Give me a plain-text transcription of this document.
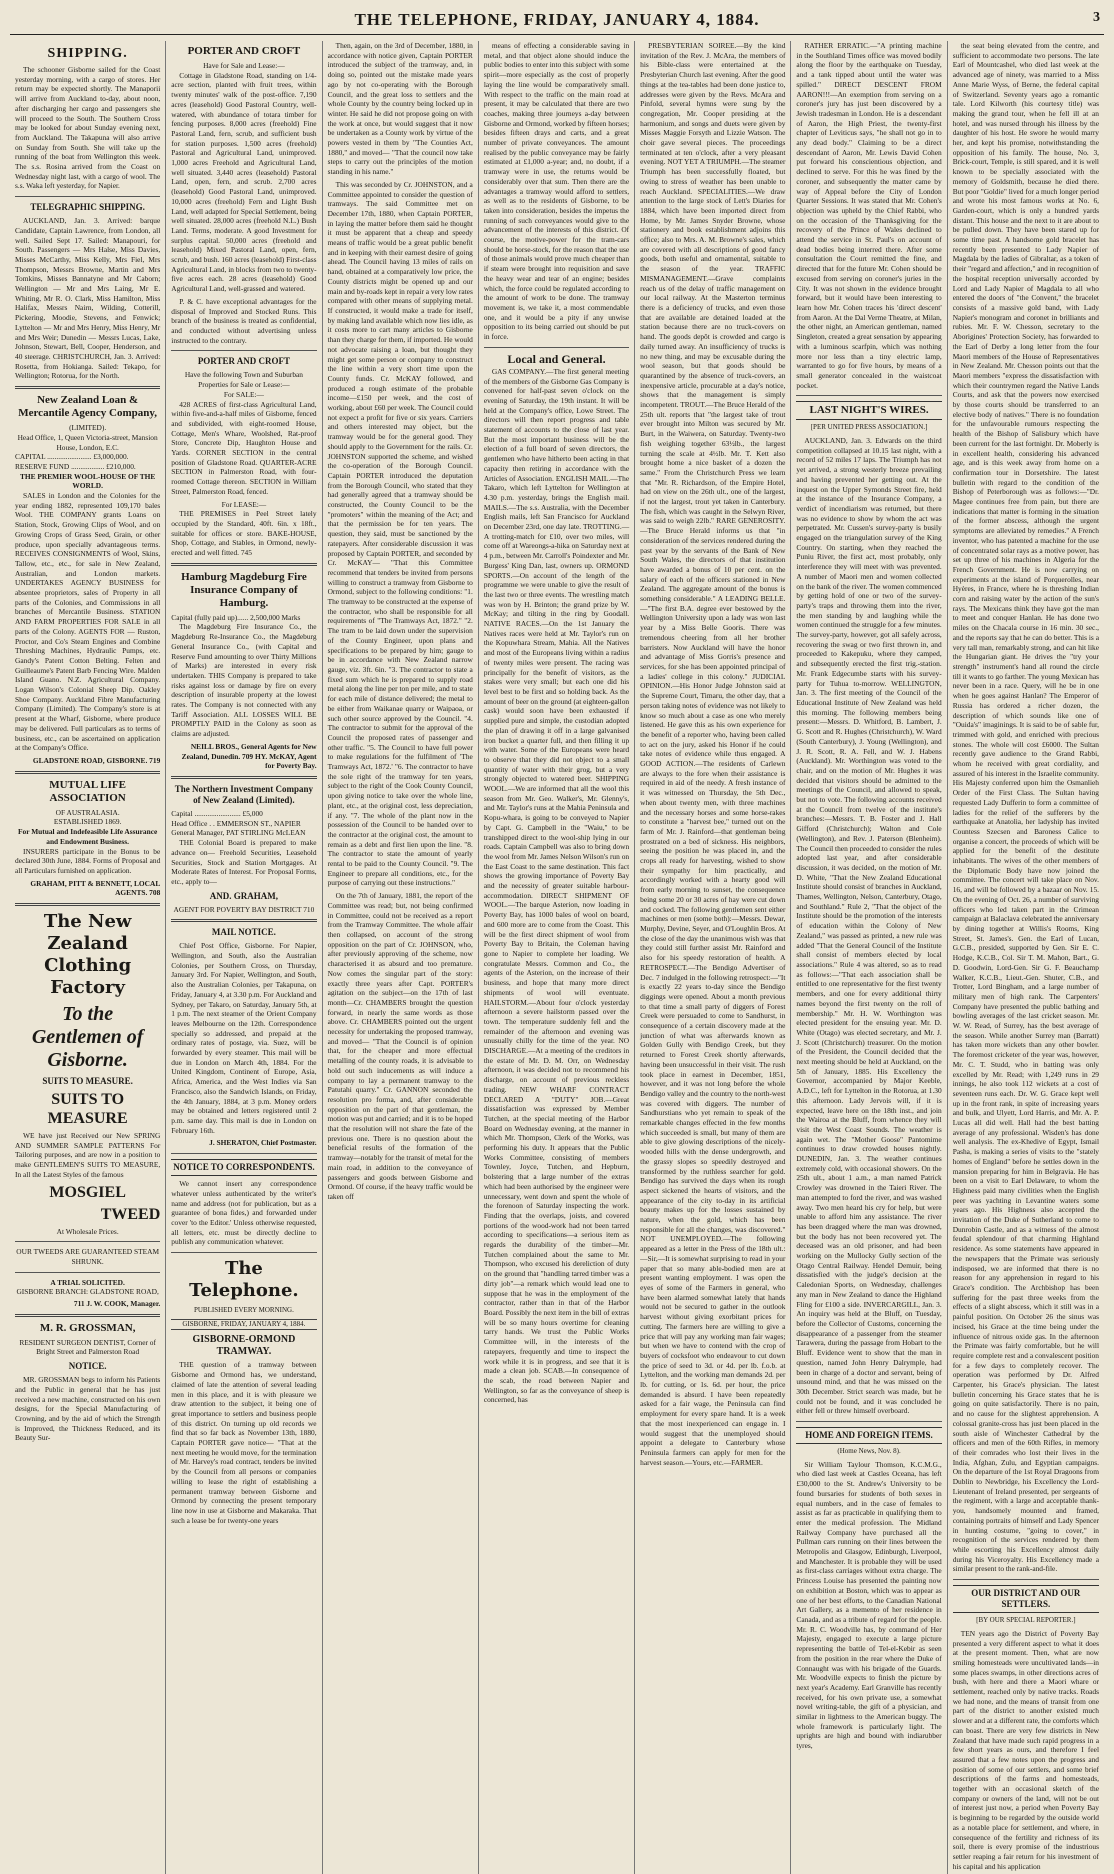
THE TELEPHONE, FRIDAY, JANUARY 4, 1884.	3
SHIPPING.

The schooner Gisborne sailed for the Coast yesterday morning, with a cargo of stores. Her return may be expected shortly. The Manaporii will arrive from Auckland to-day, about noon, after discharging her cargo and passengers she will proceed to the South. The Southern Cross may be looked for about Sunday evening next, from Auckland. The Takapuna will also arrive on Sunday from South. She will take up the running of the boat from Wellington this week. The s.s. Rosina arrived from the Coast on Wednesday night last, with a cargo of wool. The s.s. Waka left yesterday, for Napier.

TELEGRAPHIC SHIPPING.

AUCKLAND, Jan. 3. Arrived: barque Candidate, Captain Lawrence, from London, all well. Sailed Sept 17. Sailed: Manapouri, for South. Passengers — Mrs Halse, Miss Davies, Misses McCarthy, Miss Kelly, Mrs Fiel, Mrs Thompson, Messrs Browne, Martin and Mrs Tomkins, Misses Bannatyne and Mr Caborn; Wellington — Mr and Mrs Laing, Mr E. Whiting, Mr R. O. Clark, Miss Hamilton, Miss Halifax, Messrs Nairn, Wilding, Cotterill, Pickering, Moodie, Stevens, and Fenwick; Lyttelton — Mr and Mrs Henry, Miss Henry, Mr and Mrs Weir; Dunedin — Messrs Lucas, Lake, Johnson, Stewart, Bell, Cooper, Henderson, and 40 steerage. CHRISTCHURCH, Jan. 3. Arrived: Rosetta, from Hokianga. Sailed: Tekapo, for Wellington; Rotorua, for the North.

New Zealand Loan & Mercantile Agency Company,
(LIMITED).
Head Office, 1, Queen Victoria-street, Mansion House, London, E.C.
CAPITAL ........................ £3,000,000.
RESERVE FUND .................. £210,000.
THE PREMIER WOOL-HOUSE OF THE WORLD.

SALES in London and the Colonies for the year ending 1882, represented 109,170 bales Wool. THE COMPANY grants Loans on Station, Stock, Growing Clips of Wool, and on Growing Crops of Grass Seed, Grain, or other produce, upon specially advantageous terms. RECEIVES CONSIGNMENTS of Wool, Skins, Tallow, etc., etc., for sale in New Zealand, Australian, and London markets. UNDERTAKES AGENCY BUSINESS for absentee proprietors, sales of Property in all parts of the Colonies, and Commissions in all branches of Mercantile Business. STATION AND FARM PROPERTIES FOR SALE in all parts of the Colony. AGENTS FOR — Ruston, Proctor, and Co's Steam Engines and Combine Threshing Machines, Hydraulic Pumps, etc. Gandy's Patent Cotton Belting. Felten and Guilleaume's Patent Barb Fencing Wire. Malden Island Guano. N.Z. Agricultural Company. Logan Wilson's Colonial Sheep Dip. Oakley Shoe Company. Auckland Fibre Manufacturing Company (Limited). The Company's store is at present at the Wharf, Gisborne, where produce may be delivered. Full particulars as to terms of business, etc., can be ascertained on application at the Company's Office.

GLADSTONE ROAD, GISBORNE. 719
MUTUAL LIFE ASSOCIATION
OF AUSTRALASIA.
ESTABLISHED 1869.
For Mutual and Indefeasible Life Assurance and Endowment Business.

INSURERS participate in the Bonus to be declared 30th June, 1884. Forms of Proposal and all Particulars furnished on application.

GRAHAM, PITT & BENNETT, LOCAL AGENTS. 708
The New Zealand Clothing Factory
To the Gentlemen of Gisborne.
SUITS TO MEASURE.
SUITS TO MEASURE

WE have just Received our New SPRING AND SUMMER SAMPLE PATTERNS For Tailoring purposes, and are now in a position to make GENTLEMEN'S SUITS TO MEASURE, In all the Latest Styles of the famous

MOSGIEL
TWEED
At Wholesale Prices.
OUR TWEEDS ARE GUARANTEED STEAM SHRUNK.
A TRIAL SOLICITED.
GISBORNE BRANCH: GLADSTONE ROAD,
711 J. W. COOK, Manager.
M. R. GROSSMAN,
RESIDENT SURGEON DENTIST, Corner of Bright Street and Palmerston Road
NOTICE.

MR. GROSSMAN begs to inform his Patients and the Public in general that he has just received a new machine, constructed on his own designs, for the Special Manufacturing of Crowning, and by the aid of which the Strength is Improved, the Thickness Reduced, and its Beauty Sur-

PORTER AND CROFT
Have for Sale and Lease:—

Cottage in Gladstone Road, standing on 1/4-acre section, planted with fruit trees, within twenty minutes' walk of the post-office. 7,190 acres (leasehold) Good Pastoral Country, well-watered, with abundance of totara timber for fencing purposes. 8,000 acres (freehold) Fine Pastoral Land, fern, scrub, and sufficient bush for station purposes. 1,500 acres (freehold) Pastoral and Agricultural Land, unimproved. 1,000 acres Freehold and Agricultural Land, well situated. 3,440 acres (leasehold) Pastoral Land, open, fern, and scrub. 2,700 acres (leasehold) Good Pastoral Land, unimproved. 10,000 acres (freehold) Fern and Light Bush Land, well adapted for Special Settlement, being well situated. 28,000 acres (freehold N.L.) Bush Land. Terms, moderate. A good Investment for surplus capital. 50,000 acres (freehold and leasehold) Mixed Pastoral Land, open, fern, scrub, and bush. 160 acres (leasehold) First-class Agricultural Land, in blocks from two to twenty-five acres each. 28 acres (leasehold) Good Agricultural Land, well-grassed and watered.

P. & C. have exceptional advantages for the disposal of Improved and Stocked Runs. This branch of the business is treated as confidential, and conducted without advertising unless instructed to the contrary.

PORTER AND CROFT
Have the following Town and Suburban Properties for Sale or Lease:—
For SALE:—

428 ACRES of first-class Agricultural Land, within five-and-a-half miles of Gisborne, fenced and subdivided, with eight-roomed House, Cottage, Men's Whare, Woolshed, Rat-proof Store, Concrete Dip, Haughton House and Yards. CORNER SECTION in the central position of Gladstone Road. QUARTER-ACRE SECTION in Palmerston Road, with four-roomed Cottage thereon. SECTION in William Street, Palmerston Road, fenced.

For LEASE:—

THE PREMISES in Peel Street lately occupied by the Standard, 40ft. 6in. x 18ft., suitable for offices or store. BAKE-HOUSE, Shop, Cottage, and Stables, in Ormond, newly-erected and well fitted. 745

Hamburg Magdeburg Fire Insurance Company of Hamburg.
Capital (fully paid up)...... 2,500,000 Marks

The Magdeburg Fire Insurance Co., the Magdeburg Re-Insurance Co., the Magdeburg General Insurance Co., (with Capital and Reserve Fund amounting to over Thirty Millions of Marks) are interested in every risk undertaken. THIS Company is prepared to take risks against loss or damage by fire on every description of insurable property at the lowest rates. The Company is not connected with any Tariff Association. ALL LOSSES WILL BE PROMPTLY PAID in the Colony as soon as claims are adjusted.

NEILL BROS., General Agents for New Zealand, Dunedin. 709 HY. McKAY, Agent for Poverty Bay.
The Northern Investment Company of New Zealand (Limited).
Capital ......................... £5,000
Head Office . . EMMERSON ST., NAPIER
General Manager, PAT STIRLING McLEAN

THE Colonial Board is prepared to make advance on— Freehold Securities, Leasehold Securities, Stock and Station Mortgages. At Moderate Rates of Interest. For Proposal Forms, etc., apply to—

AND. GRAHAM,
AGENT FOR POVERTY BAY DISTRICT 710
MAIL NOTICE.

Chief Post Office, Gisborne. For Napier, Wellington, and South, also the Australian Colonies, per Southern Cross, on Thursday, January 3rd. For Napier, Wellington, and South, also the Australian Colonies, per Takapuna, on Friday, January 4, at 3.30 p.m. For Auckland and Sydney, per Takaro, on Saturday, January 5th, at 1 p.m. The next steamer of the Orient Company leaves Melbourne on the 12th. Correspondence specially so addressed, and prepaid at the ordinary rates of postage, via. Suez, will be forwarded by every steamer. This mail will be due in London on March 4th, 1884. For the United Kingdom, Continent of Europe, Asia, Africa, America, and the West Indies via San Francisco, also the Sandwich Islands, on Friday, the 4th January, 1884, at 3 p.m. Money orders may be obtained and letters registered until 2 p.m. same day. This mail is due in London on February 16th.

J. SHERATON, Chief Postmaster.
NOTICE TO CORRESPONDENTS.

We cannot insert any correspondence whatever unless authenticated by the writer's name and address (not for publication, but as a guarantee of bona fides,) and forwarded under cover 'to the Editor.' Unless otherwise requested, all letters, etc. must be directly decline to publish any communication whatever.

The Telephone.
PUBLISHED EVERY MORNING.
GISBORNE, FRIDAY, JANUARY 4, 1884.
GISBORNE-ORMOND TRAMWAY.

THE question of a tramway between Gisborne and Ormond has, we understand, claimed of late the attention of several leading men in this place, and it is with pleasure we draw attention to the subject, it being one of great importance to settlers and business people of this district. On turning up old records we find that so far back as November 13th, 1880, Captain PORTER gave notice— "That at the next meeting he would move, for the termination of Mr. Harvey's road contract, tenders be invited by the Council from all persons or companies willing to lease the right of establishing a permanent tramway between Gisborne and Ormond by connecting the present temporary line now in use at Gisborne and Makaraka. That such a lease be for twenty-one years

Then, again, on the 3rd of December, 1880, in accordance with notice given, Captain PORTER introduced the subject of the tramway, and, in doing so, pointed out the mistake made years ago by not co-operating with the Borough Council, and the great loss to settlers and the whole County by the country being locked up in winter. He said he did not propose going on with the work at once, but would suggest that it now be undertaken as a County work by virtue of the powers vested in them by "The Counties Act, 1880," and moved— "That the council now take steps to carry out the principles of the motion standing in his name."

This was seconded by Cr. JOHNSTON, and a Committee appointed to consider the question of tramways. The said Committee met on December 17th, 1880, when Captain PORTER, in laying the matter before them said he thought it must be apparent that a cheap and speedy means of traffic would be a great public benefit and in keeping with their earnest desire of going ahead. The Council having 13 miles of rails on hand, obtained at a comparatively low price, the County districts might be opened up and our main and by-roads kept in repair a very low rates compared with other means of supplying metal. If constructed, it would make a trade for itself, by making land available which now lies idle, as it costs more to cart many articles to Gisborne than they charge for them, if imported. He would not advocate raising a loan, but thought they might get some person or company to construct the line within a very short time upon the County funds. Cr. McKAY followed, and produced a rough estimate of the probable income—£150 per week, and the cost of working, about £60 per week. The Council could not expect a profit for five or six years. Carriers and others interested may object, but the tramway would be for the general good. They should apply to the Government for the rails. Cr. JOHNSTON supported the scheme, and wished the co-operation of the Borough Council. Captain PORTER introduced the deputation from the Borough Council, who stated that they had generally agreed that a tramway should be constructed, the County Council to be the "promoters" within the meaning of the Act; and that the permission be for ten years. The question, they said, must be sanctioned by the ratepayers. After considerable discussion it was proposed by Captain PORTER, and seconded by Cr. McKAY— "That this Committee recommend that tenders be invited from persons willing to construct a tramway from Gisborne to Ormond, subject to the following conditions: "1. The tramway to be constructed at the expense of the contractor, who shall be responsible for all requirements of "The Tramways Act, 1872." "2. The tram to be laid down under the supervision of the County Engineer, upon plans and specifications to be prepared by him; gauge to be in accordance with New Zealand narrow gauge, viz. 3ft. 6in. "3. The contractor to state a fixed sum which he is prepared to supply road metal along the line per ton per mile, and to state for each mile of distance delivered; the metal to be either from Waikanae quarry or Waipaoa, or such other source approved by the Council. "4. The contractor to submit for the approval of the Council the proposed rates of passenger and other traffic. "5. The Council to have full power to make regulations for the fulfilment of 'The Tramways Act, 1872.' "6. The contractor to have the sole right of the tramway for ten years, subject to the right of the Cook County Council, upon giving notice to take over the whole line, plant, etc., at the original cost, less depreciation, if any. "7. The whole of the plant now in the possession of the Council to be handed over to the contractor at the original cost, the amount to remain as a debt and first lien upon the line. "8. The contractor to state the amount of yearly rental to be paid to the County Council. "9. The Engineer to prepare all conditions, etc., for the purpose of carrying out these instructions."

On the 7th of January, 1881, the report of the Committee was read; but, not being confirmed in Committee, could not be received as a report from the Tramway Committee. The whole affair then collapsed, on account of the strong opposition on the part of Cr. JOHNSON, who, after previously approving of the scheme, now characterised it as absurd and too premature. Now comes the singular part of the story: exactly three years after Capt. PORTER's agitation on the subject—on the 17th of last month—Cr. CHAMBERS brought the question forward, in nearly the same words as those above. Cr. CHAMBERS pointed out the urgent necessity for undertaking the proposed tramway, and moved— "That the Council is of opinion that, for the cheaper and more effectual metalling of the county roads, it is advisable to hold out such inducements as will induce a company to lay a permanent tramway to the Patutahi quarry." Cr. GANNON seconded the resolution pro forma, and, after considerable opposition on the part of that gentleman, the motion was put and carried; and it is to be hoped that the resolution will not share the fate of the previous one. There is no question about the beneficial results of the formation of the tramway—notably for the transit of metal for the main road, in addition to the conveyance of passengers and goods between Gisborne and Ormond. Of course, if the heavy traffic would be taken off

means of effecting a considerable saving in metal, and that object alone should induce the public bodies to enter into this subject with some spirit—more especially as the cost of properly laying the line would be comparatively small. With respect to the traffic on the main road at present, it may be calculated that there are two coaches, making three journeys a-day between Gisborne and Ormond, worked by fifteen horses; besides fifteen drays and carts, and a great number of private conveyances. The amount realised by the public conveyance may be fairly estimated at £1,000 a-year; and, no doubt, if a tramway were in use, the returns would be considerably over that sum. Then there are the advantages a tramway would afford to settlers, as well as to the residents of Gisborne, to be taken into consideration, besides the impetus the running of such conveyances would give to the advancement of the interests of this district. Of course, the motive-power for the tram-cars should be horse-stock, for the reason that the use of those animals would prove much cheaper than if steam were brought into requisition and save the heavy wear and tear of an engine; besides which, the force could be regulated according to the amount of work to be done. The tramway movement is, we take it, a most commendable one, and it would be a pity if any unwise opposition to its being carried out should be put in force.

Local and General.

GAS COMPANY.—The first general meeting of the members of the Gisborne Gas Company is convened for half-past seven o'clock on the evening of Saturday, the 19th instant. It will be held at the Company's office, Lowe Street. The directors will then report progress and table statement of accounts to the close of last year. But the most important business will be the election of a full board of seven directors, the gentlemen who have hitherto been acting in that capacity then retiring in accordance with the Articles of Association. ENGLISH MAIL.—The Takaro, which left Lyttelton for Wellington at 4.30 p.m. yesterday, brings the English mail. MAILS.—The s.s. Australia, with the December English mails, left San Francisco for Auckland on December 23rd, one day late. TROTTING.—A trotting-match for £10, over two miles, will come off at Wareongs-a-hika on Saturday next at 4 p.m., between Mr. Carroll's Poindexter and Mr. Burgess' King Dan, last, owners up. ORMOND SPORTS.—On account of the length of the programme we were unable to give the result of the last two or three events. The wrestling match was won by H. Brinton; the grand prize by W. McKay; and tilting in the ring by Goodall. NATIVE RACES.—On the 1st January the Natives races were held at Mr. Taylor's run on the Kopuwhara Stream, Mahia. All the Natives and most of the Europeans living within a radius of twenty miles were present. The racing was principally for the benefit of visitors, as the stakes were very small; but each one did his level best to be first and so holding back. As the amount of beer on the ground (at eighteen-gallon cask) would soon have been exhausted if supplied pure and simple, the custodian adopted the plan of drawing it off in a large galvanised iron bucket a quarter full, and then filling it up with water. Some of the Europeans were heard to observe that they did not object to a small quantity of water with their grog, but a very strongly objected to watered beer. SHIPPING WOOL.—We are informed that all the wool this season from Mr. Geo. Walker's, Mr. Glenny's, and Mr. Taylor's runs at the Mahia Peninsula and Kopu-whara, is going to be conveyed to Napier by Capt. G. Campbell in the "Waiu," to be transhipped direct to the wool-ship lying in our roads. Captain Campbell was also to bring down the wool from Mr. James Nelson Wilson's run on the East Coast to the same destination. This fact shows the growing importance of Poverty Bay and the necessity of greater suitable harbour-accommodation. DIRECT SHIPMENT OF WOOL.—The barque Asterion, now loading in Poverty Bay, has 1000 bales of wool on board, and 600 more are to come from the Coast. This will be the first direct shipment of wool from Poverty Bay to Britain, the Coleman having gone to Napier to complete her loading. We congratulate Messrs. Common and Co., the agents of the Asterion, on the increase of their business, and hope that many more direct shipments of wool will eventuate. HAILSTORM.—About four o'clock yesterday afternoon a severe hailstorm passed over the town. The temperature suddenly fell and the remainder of the afternoon and evening was unusually chilly for the time of the year. NO DISCHARGE.—At a meeting of the creditors in the estate of Mr. D. M. Orr, on Wednesday afternoon, it was decided not to recommend his discharge, on account of previous reckless trading. NEW WHARF CONTRACT DECLARED A "DUTY" JOB.—Great dissatisfaction was expressed by Member Tutchen, at the special meeting of the Harbor Board on Wednesday evening, at the manner in which Mr. Thompson, Clerk of the Works, was performing his duty. It appears that the Public Works Committee, consisting of members Townley, Joyce, Tutchen, and Hepburn, bolstering that a large number of the extras which had been authorised by the engineer were unnecessary, went down and spent the whole of the forenoon of Saturday inspecting the work. Finding that the overlaps, joists, and covered portions of the wood-work had not been tarred according to specifications—a serious item as regards the durability of the timber—Mr. Tutchen complained about the same to Mr. Thompson, who excused his dereliction of duty on the ground that "handling tarred timber was a dirty job"—a remark which would lead one to suppose that he was in the employment of the contractor, rather than in that of the Harbor Board. Possibly the next item in the bill of extras will be so many hours overtime for cleaning tarry hands. We trust the Public Works Committee will, in the interests of the ratepayers, frequently and time to inspect the work while it is in progress, and see that it is made a clean job. SCAB.—In consequence of the scab, the road between Napier and Wellington, so far as the conveyance of sheep is concerned, has

PRESBYTERIAN SOIREE.—By the kind invitation of the Rev. J. McAra, the members of his Bible-class were entertained at the Presbyterian Church last evening. After the good things at the tea-tables had been done justice to, addresses were given by the Revs. McAra and Pinfold, several hymns were sung by the congregation, Mr. Cooper presiding at the harmonium, and songs and duets were given by Misses Maggie Forsyth and Lizzie Watson. The choir gave several pieces. The proceedings terminated at ten o'clock, after a very pleasant evening. NOT YET A TRIUMPH.—The steamer Triumph has been successfully floated, but owing to stress of weather has been unable to reach Auckland. SPECIALITIES.—We draw attention to the large stock of Lett's Diaries for 1884, which have been imported direct from Home, by Mr. James Snyder Browne, whose stationery and book establishment adjoins this office; also to Mrs. A. M. Browne's sales, which are covered with all descriptions of good fancy goods, both useful and ornamental, suitable to the season of the year. TRAFFIC MISMANAGEMENT.—Grave complaints reach us of the delay of traffic management on our local railway. At the Masterton terminus there is a deficiency of trucks, and even those that are available are detained loaded at the station because there are no truck-covers on hand. The goods depôt is crowded and cargo is daily turned away. An insufficiency of trucks is no new thing, and may be excusable during the wool season, but that goods should be quarantined by the absence of truck-covers, an inexpensive article, procurable at a day's notice, shows that the management is simply incompetent. TROUT.—The Bruce Herald of the 25th ult. reports that "the largest take of trout ever brought into Milton was secured by Mr. Burt, in the Waiwera, on Saturday. Twenty-two fish weighing together 63½lb., the largest turning the scale at 4½lb. Mr. T. Kett also brought home a nice basket of a dozen the same." From the Christchurch Press we learn that "Mr. R. Richardson, of the Empire Hotel, had on view on the 26th ult., one of the largest, if not the largest, trout yet taken in Canterbury. The fish, which was caught in the Selwyn River, was said to weigh 22lb." RARE GENEROSITY.—The Bruce Herald informs us that "in consideration of the services rendered during the past year by the servants of the Bank of New South Wales, the directors of that institution have awarded a bonus of 10 per cent. on the salary of each of the officers stationed in New Zealand. The aggregate amount of the bonus is something considerable." A LEADING BELLE.—"The first B.A. degree ever bestowed by the Wellington University upon a lady was won last year by a Miss Belle Gooris. There was tremendous cheering from all her brother barristers. Now Auckland will have the honor and advantage of Miss Gorris's presence and services, for she has been appointed principal of a ladies' college in this colony." JUDICIAL OPINION.—His Honor Judge Johnston said at the Supreme Court, Timaru, the other day, that a person taking notes of evidence was not likely to know so much about a case as one who merely listened. He gave this as his own experience for the benefit of a reporter who, having been called to act on the jury, asked his Honor if he could take notes of evidence while thus engaged. A GOOD ACTION.—The residents of Carlewn are always to the fore when their assistance is required in aid of the needy. A fresh instance of it was witnessed on Thursday, the 5th Dec., when about twenty men, with three machines and the necessary horses and some horse-rakes to constitute a "harvest bee," turned out on the farm of Mr. J. Rainford—that gentleman being prostrated on a bed of sickness. His neighbors, seeing the position he was placed in, and the crops all ready for harvesting, wished to show their sympathy for him practically, and accordingly worked with a hearty good will from early morning to sunset, the consequence being some 20 or 30 acres of hay were cut down and cocked. The following gentlemen sent either machines or men (some both):—Messrs. Dewar, Murphy, Devine, Seyer, and O'Loughlin Bros. At the close of the day the unanimous wish was that they could still further assist Mr. Rainford and also for his speedy restoration of health. A RETROSPECT.—The Bendigo Advertiser of Dec. 7 indulged in the following retrospect:—"It is exactly 22 years to-day since the Bendigo diggings were opened. About a month previous to that time a small party of diggers of Forest Creek were persuaded to come to Sandhurst, in consequence of a certain discovery made at the junction of what was afterwards known as Golden Gully with Bendigo Creek, but they returned to Forest Creek shortly afterwards, having been unsuccessful in their visit. The rush took place in earnest in December, 1851, however, and it was not long before the whole Bendigo valley and the country to the north-west was covered with diggers. The number of Sandhurstians who yet remain to speak of the remarkable changes effected in the few months which succeeded is small, but many of them are able to give glowing descriptions of the nicely-wooded hills with the dense undergrowth, and the grassy slopes so speedily destroyed and transformed by the ruthless searcher for gold. Bendigo has survived the days when its rough aspect sickened the hearts of visitors, and the appearance of the city to-day in its artificial beauty makes up for the losses sustained by nature, when the gold, which has been responsible for all the changes, was discovered." NOT UNEMPLOYED.—The following appeared as a letter in the Press of the 18th ult.:—Sir,—It is somewhat surprising to read in your paper that so many able-bodied men are at present wanting employment. I was open the eyes of some of the Farmers in general, who have been alarmed somewhat lately that hands would not be secured to gather in the outlook harvest without giving exorbitant prices for cutting. The farmers here are willing to give a price that will pay any working man fair wages; but when we have to contend with the crop of buyers of cocksfoot who endeavour to cut down the price of seed to 3d. or 4d. per lb. f.o.b. at Lyttelton, and the working man demands 2d. per lb. for cutting, or 1s. 6d. per hour, the price demanded is absurd. I have been repeatedly asked for a fair wage, the Peninsula can find employment for every spare hand. It is a week that the most inexperienced can engage in. I would suggest that the unemployed should appoint a delegate to Canterbury whose Peninsula farmers can apply for men for the harvest season.—Yours, etc.—FARMER.

RATHER ERRATIC.—"A printing machine in the Southland Times office was moved bodily along the floor by the earthquake on Tuesday, and a tank tipped about until the water was spilled." DIRECT DESCENT FROM AARON!!!—An exemption from serving on a coroner's jury has just been discovered by a Jewish tradesman in London. He is a descendant of Aaron, the High Priest, the twenty-first chapter of Leviticus says, "he shall not go in to any dead body." Claiming to be a direct descendant of Aaron, Mr. Lewis David Cohen put forward his conscientious objection, and declined to serve. For this he was fined by the coroner, and subsequently the matter came by way of Appeal before the City of London Quarter Sessions. It was stated that Mr. Cohen's objection was upheld by the Chief Rabbi, who on the occasion of the Thanksgiving for the recovery of the Prince of Wales declined to attend the service in St. Paul's on account of dead bodies being interred there. After some consultation the Court remitted the fine, and directed that for the future Mr. Cohen should be excused from serving on coroner's juries in the City. It was not shown in the evidence brought forward, but it would have been interesting to learn how Mr. Cohen traces his 'direct descent' from Aaron. At the Dal Verme Theatre, at Milan, the other night, an American gentleman, named Singleton, created a great sensation by appearing with a luminous scarfpin, which was nothing more nor less than a tiny electric lamp, warranted to go for five hours, by means of a small generator concealed in the waistcoat pocket.

LAST NIGHT'S WIRES.
[PER UNITED PRESS ASSOCIATION.]

AUCKLAND, Jan. 3. Edwards on the third competition collapsed at 10.15 last night, with a record of 52 miles 17 laps. The Triumph has not yet arrived, a strong westerly breeze prevailing and having prevented her getting out. At the inquest on the Upper Symonds Street fire, held at the instance of the Insurance Company, a verdict of incendiarism was returned, but there was no evidence to show by whom the act was perpetrated. Mr. Cussen's survey-party is busily engaged on the triangulation survey of the King Country. On starting, when they reached the Puniu River, the first act, most probably, only interference they will meet with was prevented. A number of Maori men and women collected on the bank of the river. The women commenced by getting hold of one or two of the survey-party's traps and throwing them into the river, the men standing by and laughing while the women continued the struggle for a few minutes. The survey-party, however, got all safely across, recovering the swag or two first thrown in, and proceeded to Kakepuku, where they camped, and subsequently erected the first trig.-station. Mr. Frank Edgecumbe starts with his survey-party for Tuhua to-morrow. WELLINGTON, Jan. 3. The first meeting of the Council of the Educational Institute of New Zealand was held this morning. The following members being present:—Messrs. D. Whitford, B. Lambert, J. G. Scott and R. Hughes (Christchurch), W. Ward (South Canterbury), J. Young (Wellington), and J. R. Scott, R. A. Fell, and W. J. Habens (Auckland). Mr. Worthington was voted to the chair, and on the motion of Mr. Hughes it was decided that visitors should be admitted to the meetings of the Council, and allowed to speak, but not to vote. The following accounts received at the Council from twelve of the institute's branches:—Messrs. T. B. Foster and J. Hall Gifford (Christchurch); Walton and Cole (Wellington), and Rev. J. Paterson (Blenheim). The Council then proceeded to consider the rules adopted last year, and after considerable discussion, it was decided, on the motion of Mr. D. White, "That the New Zealand Educational Institute should consist of branches in Auckland, Thames, Wellington, Nelson, Canterbury, Otago, and Southland." Rule 2, "That the object of the Institute should be the promotion of the interests of education within the Colony of New Zealand," was passed as printed, a new rule was added "That the General Council of the Institute shall consist of members elected by local associations." Rule 4 was altered, so as to read as follows:—"That each association shall be entitled to one representative for the first twenty members, and one for every additional thirty names beyond the first twenty on the roll of membership." Mr. H. W. Worthington was elected president for the ensuing year. Mr. D. White (Otago) was elected secretary, and Mr. J. J. Scott (Christchurch) treasurer. On the motion of the President, the Council decided that the next meeting should be held at Auckland, on the 5th of January, 1885. His Excellency the Governor, accompanied by Major Keeble, A.D.C., left for Lyttelton in the Rotorua, at 1.30 this afternoon. Lady Jervois will, if it is expected, leave here on the 18th inst., and join the Wairoa at the Bluff, from whence they will visit the West Coast Sounds. The weather is again wet. The "Mother Goose" Pantomime continues to draw crowded houses nightly. DUNEDIN, Jan. 3. The weather continues extremely cold, with occasional showers. On the 25th ult., about 1 a.m., a man named Patrick Crowley was drowned in the Taieri River. The man attempted to ford the river, and was washed away. Two men heard his cry for help, but were unable to afford him any assistance. The river has been dragged where the man was drowned, but the body has not been recovered yet. The deceased was an old prisoner, and had been working on the Mullocky Gully section of the Otago Central Railway. Hendel Demuir, being dissatisfied with the judge's decision at the Caledonian Sports, on Wednesday, challenges any man in New Zealand to dance the Highland Fling for £100 a side. INVERCARGILL, Jan. 3. An inquiry was held at the Bluff, on Tuesday, before the Collector of Customs, concerning the disappearance of a passenger from the steamer Tarawera, during the passage from Hobart to the Bluff. Evidence went to show that the man in question, named John Henry Dalrymple, had been in charge of a doctor and servant, being of unsound mind, and that he was missed on the 30th December. Strict search was made, but he could not be found, and it was concluded he either fell or threw himself overboard.

HOME AND FOREIGN ITEMS.
(Home News, Nov. 8).

Sir William Taylour Thomson, K.C.M.G., who died last week at Castles Oceana, has left £30,000 to the St. Andrew's University to be found bursaries for students of both sexes in equal numbers, and in the case of females to assist as far as practicable in qualifying them to enter the medical profession. The Midland Railway Company have purchased all the Pullman cars running on their lines between the Metropolis and Glasgow, Edinburgh, Liverpool, and Manchester. It is probable they will be used as first-class carriages without extra charge. The Princess Louise has presented the painting now on exhibition at Boston, which was to appear as one of her best efforts, to the Canadian National Art Gallery, as a memento of her residence in Canada, and as a tribute of regard for the people. Mr. R. C. Woodville has, by command of Her Majesty, engaged to execute a large picture representing the battle of Tel-el-Kebir as seen from the position in the rear where the Duke of Connaught was with his brigade of the Guards. Mr. Woodville expects to finish the picture by next year's Academy. Earl Granville has recently received, for his own private use, a somewhat novel writing-table, the gift of a physician, and similar in lightness to the American buggy. The whole framework is particularly light. The uprights are high and bound with indiarubber tyres,

the seat being elevated from the centre, and sufficient to accommodate two persons. The late Earl of Mountcashel, who died last week at the advanced age of ninety, was married to a Miss Anne Marie Wyss, of Berne, the federal capital of Switzerland. Seventy years ago a romantic tale. Lord Kilworth (his courtesy title) was making the grand tour, when he fell ill at an hotel, and was nursed through his illness by the daughter of his host. He swore he would marry her, and kept his promise, notwithstanding the opposition of his family. The house, No. 3, Brick-court, Temple, is still spared, and it is well known to be specially associated with the memory of Goldsmith, because he died there. But poor "Goldie" lived for a much longer period and wrote his most famous works at No. 6, Garden-court, which is only a hundred yards distant. This house and the next to it are about to be pulled down. They have been stared up for some time past. A handsome gold bracelet has recently been presented to Lady Napier of Magdala by the ladies of Gibraltar, as a token of their "regard and affection," and in recognition of the hospital reception universally accorded by Lord and Lady Napier of Magdala to all who entered the doors of "the Convent," the bracelet consists of a massive gold band, with Lady Napier's monogram and coronet in brilliants and rubies. Mr. F. W. Chesson, secretary to the Aborigines' Protection Society, has forwarded to the Earl of Derby a long letter from the four Maori members of the House of Representatives in New Zealand. Mr. Chesson points out that the Maori members "express the dissatisfaction with which their countrymen regard the Native Lands Courts, and ask that the powers now exercised by those courts should be transferred to an elective body of natives." There is no foundation for the unfavourable rumours respecting the health of the Bishop of Salisbury which have been current for the last fortnight. Dr. Moberly is in excellent health, considering his advanced age, and is this week away from home on a confirmation tour in Dorsetshire. The latest bulletin with regard to the condition of the Bishop of Peterborough was as follows:—"Dr. Magee continues free from pain, but there are indications that matter is forming in the situation of the former abscess, although the urgent symptoms are alleviated by remedies." A French inventor, who has patented a machine for the use of concentrated solar rays as a motive power, has set up three of his machines in Algeria for the French Government. He is now carrying on experiments at the island of Porquerolles, near Hyères, in France, where he is threshing Indian corn and raising water by the action of the sun's rays. The Mexicans think they have got the man to meet and conquer Hanlan. He has done two miles on the Chacala course in 16 min. 30 sec., and the reports say that he can do better. This is a very tall man, remarkably strong, and can hit like the Hungarian giant. He drives the "try your strength" instrument's hand all round the circle till it wants to go farther. The young Mexican has never been in a race. Query, will he be in one when he goes against Hanlan? The Emperor of Russia has ordered a richer dozen, the description of which sounds like one of "Ouida's" imaginings. It is said to be of sable fur, trimmed with gold, and enriched with precious stones. The whole will cost £6000. The Sultan recently gave audience to the Grand Rabbi, whom he received with great cordiality, and assured of his interest in the Israelite community. His Majesty conferred upon him the Osmanlieh Order of the First Class. The Sultan having requested Lady Dufferin to form a committee of ladies for the relief of the sufferers by the earthquake at Anatolia, her ladyship has invited Countess Szecsen and Baroness Calice to organise a concert, the proceeds of which will be applied for the benefit of the destitute inhabitants. The wives of the other members of the Diplomatic Body have now joined the committee. The concert will take place on Nov. 16, and will be followed by a bazaar on Nov. 15. On the evening of Oct. 26, a number of surviving officers who led taken part in the Crimean campaign at Balaclava celebrated the anniversary by dining together at Willis's Rooms, King Street, St. James's. Gen. the Earl of Lucan, G.C.B., presided, supported by Gen. Sir E. C. Hodge, K.C.B., Col. Sir T. M. Mahon, Bart., G. D. Goodwin, Lord-Gen. Sir G. F. Beauchamp Walker, K.C.B., Lieut.-Gen. Shuter, C.B., and Trotter, Lord Bingham, and a large number of military men of high rank. The Carpenters' Company have presented the public bathing and bowling averages of the last cricket season. Mr. W. W. Read, of Surrey, has the best average of the season. While another Surrey man (Barratt) has taken more wickets than any other bowler. The foremost cricketer of the year was, however, Mr. C. T. Studd, who in batting was only excelled by Mr. Read; with 1,249 runs in 29 innings, he also took 112 wickets at a cost of seventeen runs each. Dr. W. G. Grace kept well up in the front rank, in spite of increasing years and bulk, and Ulyett, Lord Harris, and Mr. A. P. Lucas all did well. Hall had the best batting average of any professional. Wisden's has done well analysis. The ex-Khedive of Egypt, Ismail Pasha, is making a series of visits to the "stately homes of England" before he settles down in the mansion preparing for him in Belgravia. He has been on a visit to Earl Delaware, to whom the Highness paid many civilities when the English peer was yachting in Levantine waters some years ago. His Highness also accepted the invitation of the Duke of Sutherland to come to Dunrobin Castle, and as a witness of the almost feudal splendour of that charming Highland residence. As some statements have appeared in the newspapers that the Primate was seriously indisposed, we are informed that there is no reason for any apprehension in regard to his Grace's condition. The Archbishop has been suffering for the past three weeks from the effects of a slight abscess, which it still was in a painful position. On October 26 the sinus was incised, his Grace at the time being under the influence of nitrous oxide gas. In the afternoon the Primate was fairly comfortable, but he will require complete rest and a convalescent position for a few days to completely recover. The operation was performed by Dr. Alfred Carpenter, his Grace's physician. The latest bulletin concerning his Grace states that he is going on quite satisfactorily. There is no pain, and no cause for the slightest apprehension. A colossal granite-cross has just been placed in the south aisle of Winchester Cathedral by the officers and men of the 60th Rifles, in memory of their comrades who lost their lives in the India, Afghan, Zulu, and Egyptian campaigns. On the departure of the 1st Royal Dragoons from Dublin to Newbridge, his Excellency the Lord-Lieutenant of Ireland presented, per sergeants of the regiment, with a large and acceptable thank-you, handsomely mounted and framed, containing portraits of himself and Lady Spencer in hunting costume, "going to cover," in recognition of the services rendered by them while escorting his Excellency almost daily during his Viceroyalty. His Excellency made a similar present to the rank-and-file.

OUR DISTRICT AND OUR SETTLERS.
[BY OUR SPECIAL REPORTER.]

TEN years ago the District of Poverty Bay presented a very different aspect to what it does at the present moment. Then, what are now smiling homesteads were uncultivated lands—in some places swamps, in other directions acres of bush, with here and there a Maori whare or settlement, reached only by native tracks. Roads we had none, and the means of transit from one part of the district to another existed much slower and at a different rate, the comforts which can boast. There are very few districts in New Zealand that have made such rapid progress in a few short years as ours, and therefore I feel assured that a few notes upon the progress and position of some of our settlers, and some brief descriptions of the farms and homesteads, together with an occasional sketch of the company or owners of the land, will not be out of interest just now, a period when Poverty Bay is beginning to be regarded by the outside world as a notable place for settlement, and where, in consequence of the fertility and richness of its soil, there is every promise of the industrious settler reaping a fair return for his investment of his capital and his application
